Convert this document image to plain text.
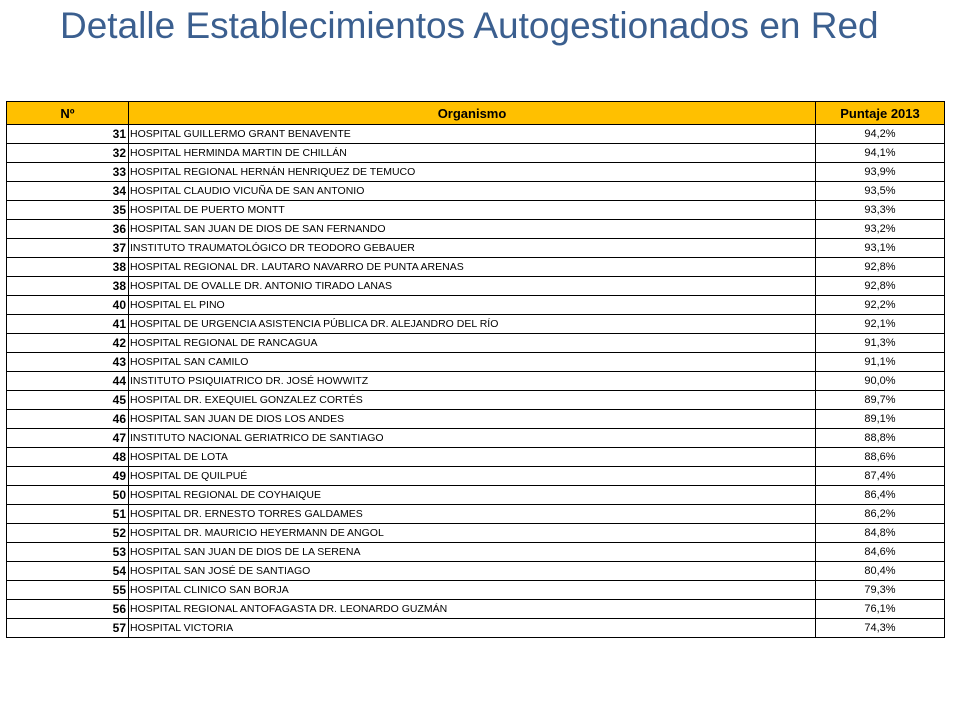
Detalle Establecimientos Autogestionados en Red
Nº	Organismo	Puntaje 2013
31	HOSPITAL GUILLERMO GRANT BENAVENTE	94,2%
32	HOSPITAL HERMINDA MARTIN DE CHILLÁN	94,1%
33	HOSPITAL REGIONAL HERNÁN HENRIQUEZ DE TEMUCO	93,9%
34	HOSPITAL CLAUDIO VICUÑA DE SAN ANTONIO	93,5%
35	HOSPITAL DE PUERTO MONTT	93,3%
36	HOSPITAL SAN JUAN DE DIOS DE SAN FERNANDO	93,2%
37	INSTITUTO TRAUMATOLÓGICO DR TEODORO GEBAUER	93,1%
38	HOSPITAL REGIONAL DR. LAUTARO NAVARRO DE PUNTA ARENAS	92,8%
38	HOSPITAL DE OVALLE DR. ANTONIO TIRADO LANAS	92,8%
40	HOSPITAL EL PINO	92,2%
41	HOSPITAL DE URGENCIA ASISTENCIA PÚBLICA DR. ALEJANDRO DEL RÍO	92,1%
42	HOSPITAL REGIONAL DE RANCAGUA	91,3%
43	HOSPITAL SAN CAMILO	91,1%
44	INSTITUTO PSIQUIATRICO DR. JOSÉ HOWWITZ	90,0%
45	HOSPITAL DR. EXEQUIEL GONZALEZ CORTÉS	89,7%
46	HOSPITAL SAN JUAN DE DIOS LOS ANDES	89,1%
47	INSTITUTO NACIONAL GERIATRICO DE SANTIAGO	88,8%
48	HOSPITAL DE LOTA	88,6%
49	HOSPITAL DE QUILPUÉ	87,4%
50	HOSPITAL REGIONAL DE COYHAIQUE	86,4%
51	HOSPITAL DR. ERNESTO TORRES GALDAMES	86,2%
52	HOSPITAL DR. MAURICIO HEYERMANN DE ANGOL	84,8%
53	HOSPITAL SAN JUAN DE DIOS DE LA SERENA	84,6%
54	HOSPITAL SAN JOSÉ DE SANTIAGO	80,4%
55	HOSPITAL CLINICO SAN BORJA	79,3%
56	HOSPITAL REGIONAL ANTOFAGASTA DR. LEONARDO GUZMÁN	76,1%
57	HOSPITAL VICTORIA	74,3%
